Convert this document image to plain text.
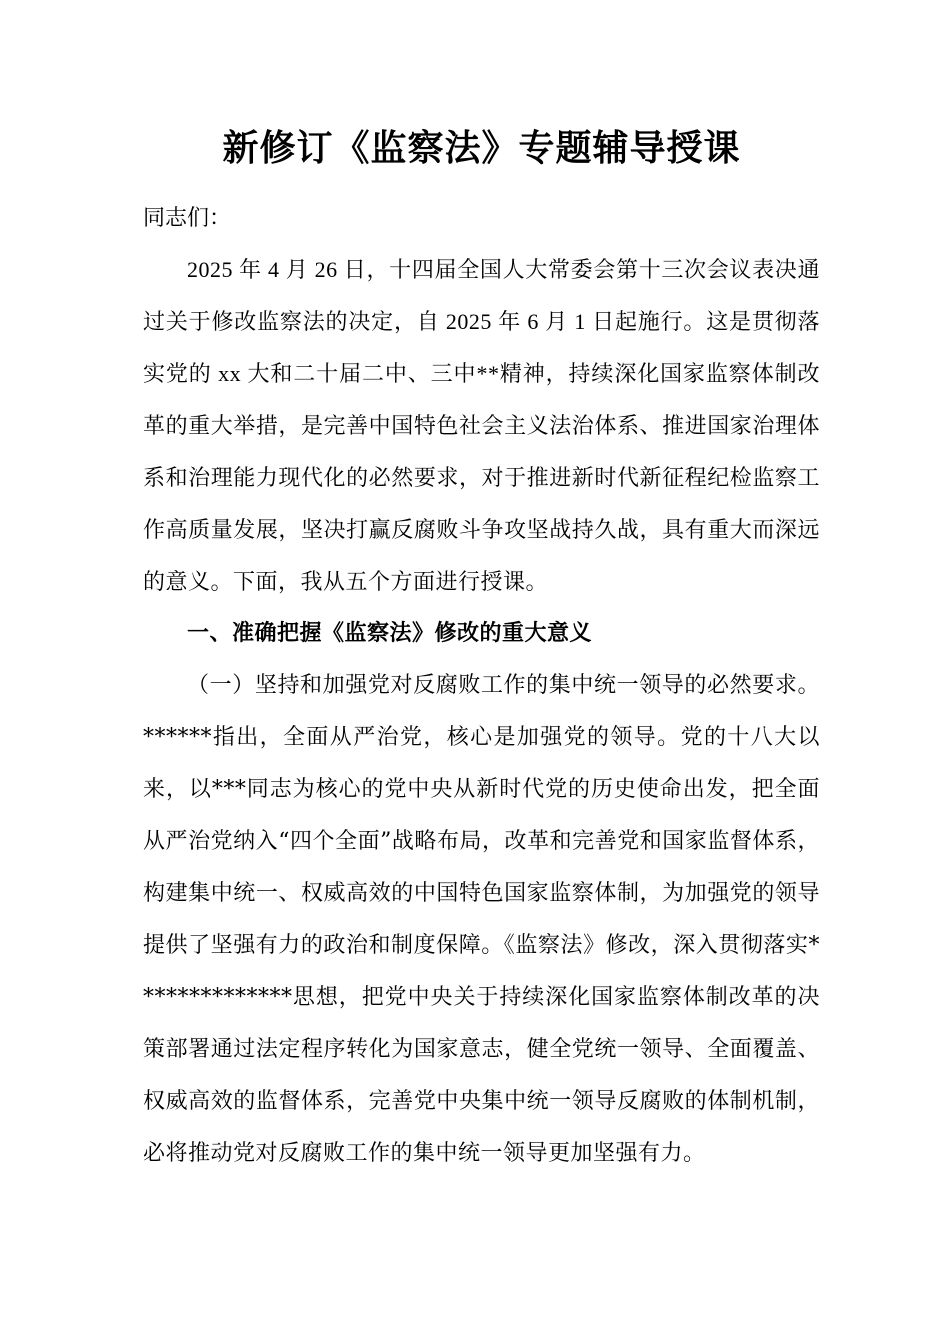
新修订《监察法》专题辅导授课

同志们：

2025 年 4 月 26 日，十四届全国人大常委会第十三次会议表决通过关于修改监察法的决定，自 2025 年 6 月 1 日起施行。这是贯彻落实党的 xx 大和二十届二中、三中**精神，持续深化国家监察体制改革的重大举措，是完善中国特色社会主义法治体系、推进国家治理体系和治理能力现代化的必然要求，对于推进新时代新征程纪检监察工作高质量发展，坚决打赢反腐败斗争攻坚战持久战，具有重大而深远的意义。下面，我从五个方面进行授课。

一、准确把握《监察法》修改的重大意义

（一）坚持和加强党对反腐败工作的集中统一领导的必然要求。******指出，全面从严治党，核心是加强党的领导。党的十八大以来，以***同志为核心的党中央从新时代党的历史使命出发，把全面从严治党纳入“四个全面”战略布局，改革和完善党和国家监督体系，构建集中统一、权威高效的中国特色国家监察体制，为加强党的领导提供了坚强有力的政治和制度保障。《监察法》修改，深入贯彻落实**************思想，把党中央关于持续深化国家监察体制改革的决策部署通过法定程序转化为国家意志，健全党统一领导、全面覆盖、权威高效的监督体系，完善党中央集中统一领导反腐败的体制机制，必将推动党对反腐败工作的集中统一领导更加坚强有力。
